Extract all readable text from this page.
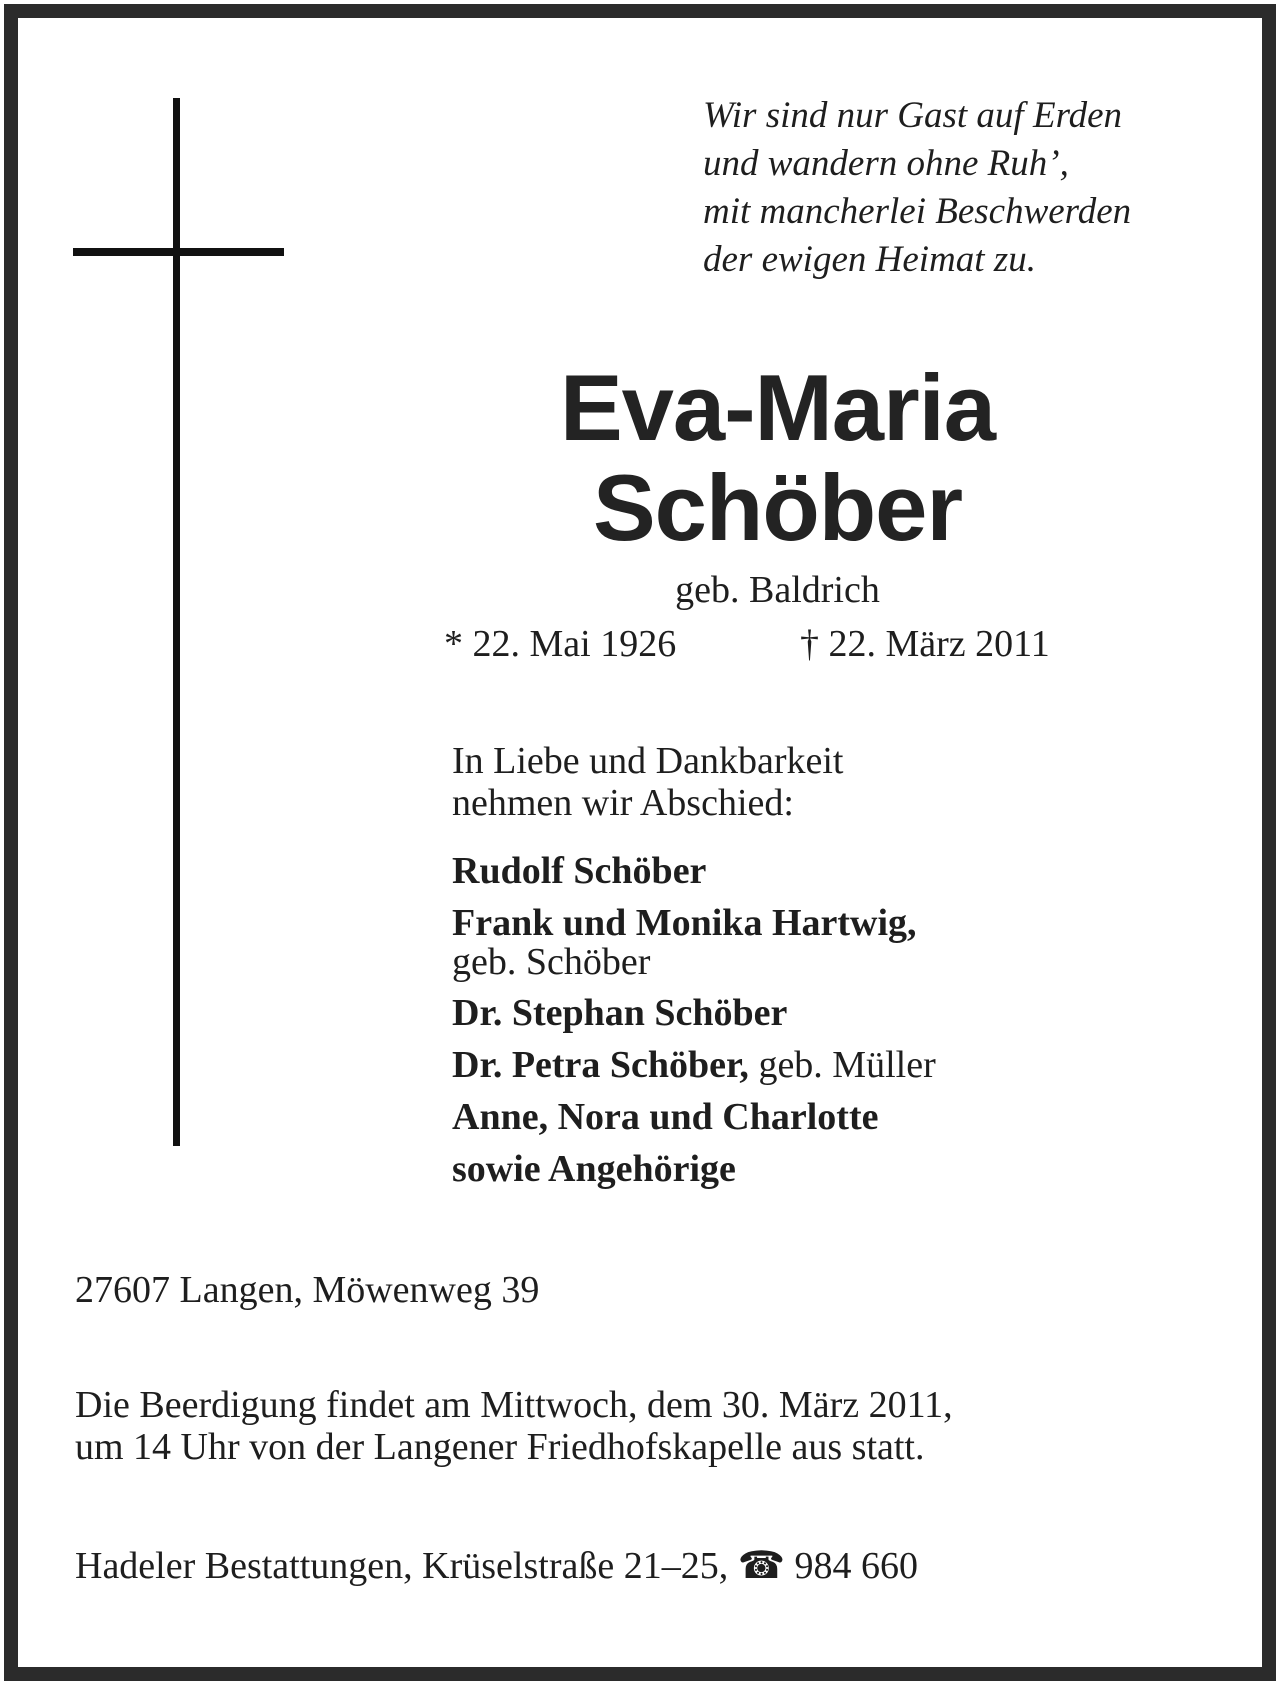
Wir sind nur Gast auf Erden
und wandern ohne Ruh’,
mit mancherlei Beschwerden
der ewigen Heimat zu.
Eva-Maria
Schöber
geb. Baldrich
* 22. Mai 1926	† 22. März 2011
In Liebe und Dankbarkeit
nehmen wir Abschied:
Rudolf Schöber
Frank und Monika Hartwig,
geb. Schöber
Dr. Stephan Schöber
Dr. Petra Schöber, geb. Müller
Anne, Nora und Charlotte
sowie Angehörige
27607 Langen, Möwenweg 39
Die Beerdigung findet am Mittwoch, dem 30. März 2011,
um 14 Uhr von der Langener Friedhofskapelle aus statt.
Hadeler Bestattungen, Krüselstraße 21–25, ☎ 984 660
